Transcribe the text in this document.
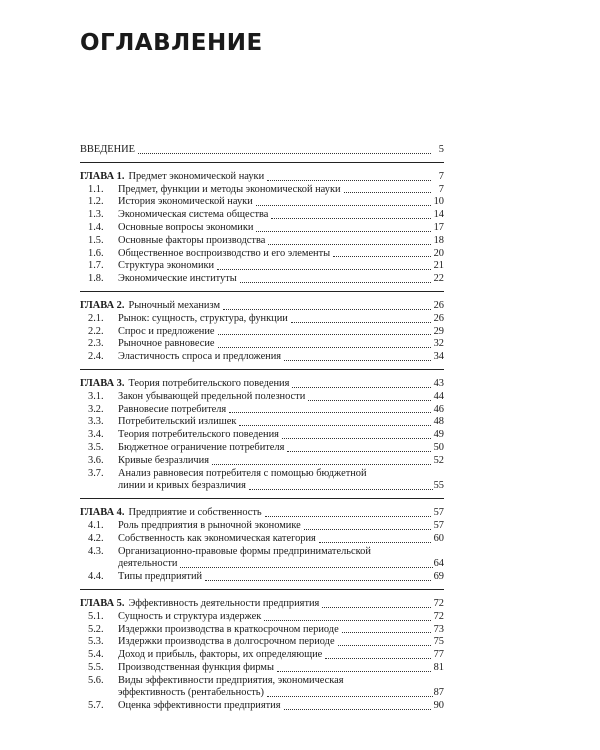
ОГЛАВЛЕНИЕ
ВВЕДЕНИЕ	5
ГЛАВА 1. Предмет экономической науки	7
1.1.	Предмет, функции и методы экономической науки	7
1.2.	История экономической науки	10
1.3.	Экономическая система общества	14
1.4.	Основные вопросы экономики	17
1.5.	Основные факторы производства	18
1.6.	Общественное воспроизводство и его элементы	20
1.7.	Структура экономики	21
1.8.	Экономические институты	22
ГЛАВА 2. Рыночный механизм	26
2.1.	Рынок: сущность, структура, функции	26
2.2.	Спрос и предложение	29
2.3.	Рыночное равновесие	32
2.4.	Эластичность спроса и предложения	34
ГЛАВА 3. Теория потребительского поведения	43
3.1.	Закон убывающей предельной полезности	44
3.2.	Равновесие потребителя	46
3.3.	Потребительский излишек	48
3.4.	Теория потребительского поведения	49
3.5.	Бюджетное ограничение потребителя	50
3.6.	Кривые безразличия	52
3.7.	Анализ равновесия потребителя с помощью бюджетной
линии и кривых безразличия	55
ГЛАВА 4. Предприятие и собственность	57
4.1.	Роль предприятия в рыночной экономике	57
4.2.	Собственность как экономическая категория	60
4.3.	Организационно-правовые формы предпринимательской
деятельности	64
4.4.	Типы предприятий	69
ГЛАВА 5. Эффективность деятельности предприятия	72
5.1.	Сущность и структура издержек	72
5.2.	Издержки производства в краткосрочном периоде	73
5.3.	Издержки производства в долгосрочном периоде	75
5.4.	Доход и прибыль, факторы, их определяющие	77
5.5.	Производственная функция фирмы	81
5.6.	Виды эффективности предприятия, экономическая
эффективность (рентабельность)	87
5.7.	Оценка эффективности предприятия	90
